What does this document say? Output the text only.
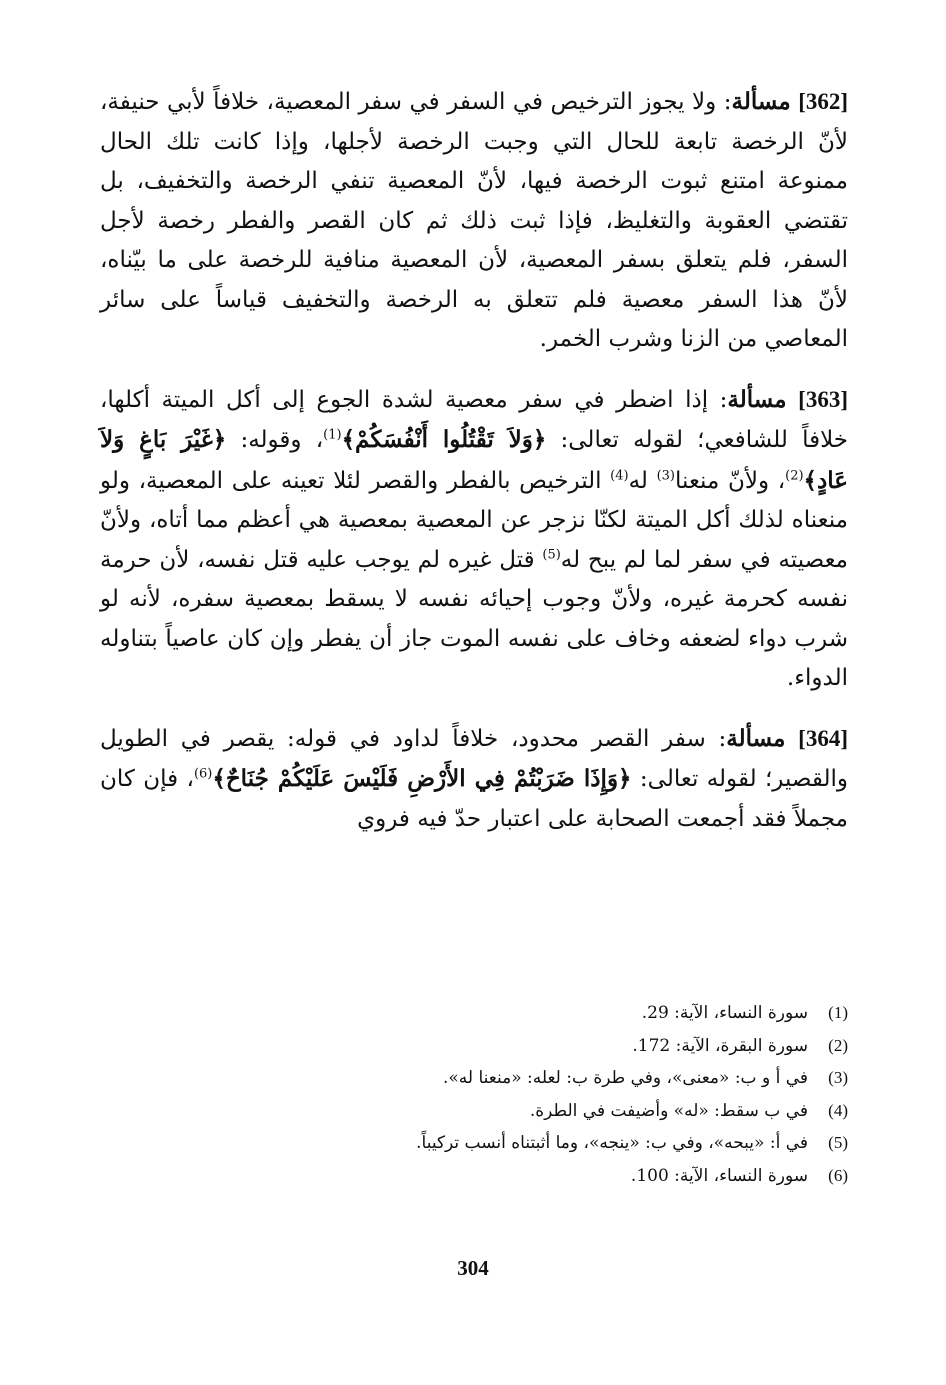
[362] مسألة: ولا يجوز الترخيص في السفر في سفر المعصية، خلافاً لأبي حنيفة، لأنّ الرخصة تابعة للحال التي وجبت الرخصة لأجلها، وإذا كانت تلك الحال ممنوعة امتنع ثبوت الرخصة فيها، لأنّ المعصية تنفي الرخصة والتخفيف، بل تقتضي العقوبة والتغليظ، فإذا ثبت ذلك ثم كان القصر والفطر رخصة لأجل السفر، فلم يتعلق بسفر المعصية، لأن المعصية منافية للرخصة على ما بيّناه، لأنّ هذا السفر معصية فلم تتعلق به الرخصة والتخفيف قياساً على سائر المعاصي من الزنا وشرب الخمر.

[363] مسألة: إذا اضطر في سفر معصية لشدة الجوع إلى أكل الميتة أكلها، خلافاً للشافعي؛ لقوله تعالى: ﴿وَلاَ تَقْتُلُوا أَنْفُسَكُمْ﴾$^{(1)}$، وقوله: ﴿غَيْرَ بَاغٍ وَلاَ عَادٍ﴾$^{(2)}$، ولأنّ منعنا$^{(3)}$ له$^{(4)}$ الترخيص بالفطر والقصر لئلا تعينه على المعصية، ولو منعناه لذلك أكل الميتة لكنّا نزجر عن المعصية بمعصية هي أعظم مما أتاه، ولأنّ معصيته في سفر لما لم يبح له$^{(5)}$ قتل غيره لم يوجب عليه قتل نفسه، لأن حرمة نفسه كحرمة غيره، ولأنّ وجوب إحيائه نفسه لا يسقط بمعصية سفره، لأنه لو شرب دواء لضعفه وخاف على نفسه الموت جاز أن يفطر وإن كان عاصياً بتناوله الدواء.

[364] مسألة: سفر القصر محدود، خلافاً لداود في قوله: يقصر في الطويل والقصير؛ لقوله تعالى: ﴿وَإِذَا ضَرَبْتُمْ فِي الأَرْضِ فَلَيْسَ عَلَيْكُمْ جُنَاحٌ﴾$^{(6)}$، فإن كان مجملاً فقد أجمعت الصحابة على اعتبار حدّ فيه فروي

(1)
سورة النساء، الآية: 29.
(2)
سورة البقرة، الآية: 172.
(3)
في أ و ب: «معنى»، وفي طرة ب: لعله: «منعنا له».
(4)
في ب سقط: «له» وأضيفت في الطرة.
(5)
في أ: «يبحه»، وفي ب: «ينجه»، وما أثبتناه أنسب تركيباً.
(6)
سورة النساء، الآية: 100.
304
